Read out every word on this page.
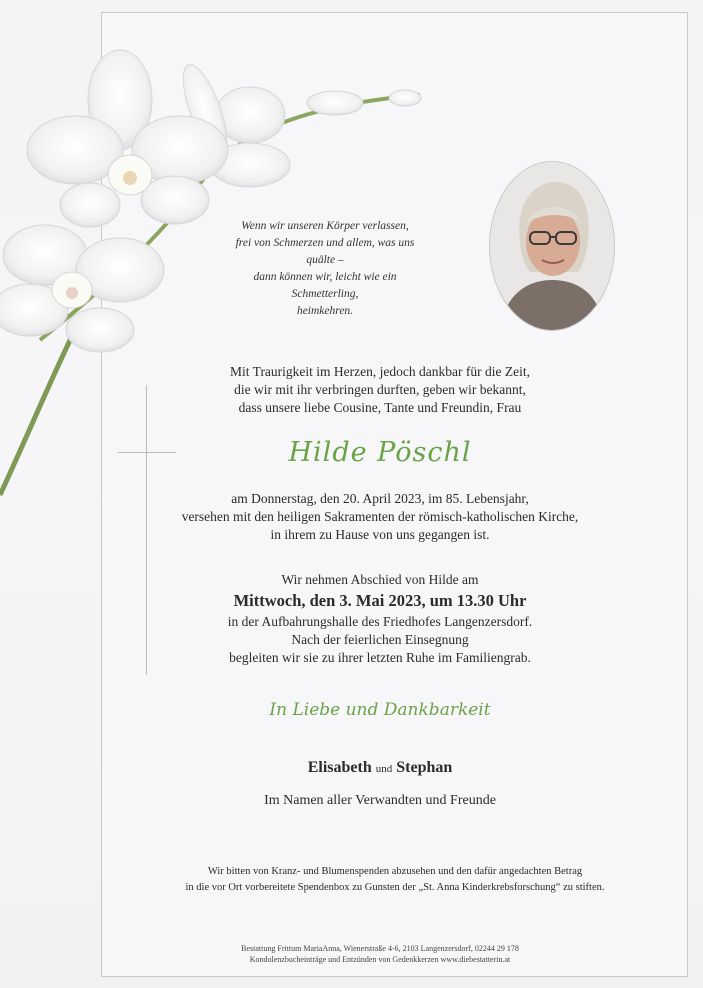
Wenn wir unseren Körper verlassen,
frei von Schmerzen und allem, was uns quälte –
dann können wir, leicht wie ein Schmetterling,
heimkehren.
Mit Traurigkeit im Herzen, jedoch dankbar für die Zeit,
die wir mit ihr verbringen durften, geben wir bekannt,
dass unsere liebe Cousine, Tante und Freundin, Frau
Hilde Pöschl
am Donnerstag, den 20. April 2023, im 85. Lebensjahr,
versehen mit den heiligen Sakramenten der römisch-katholischen Kirche,
in ihrem zu Hause von uns gegangen ist.
Wir nehmen Abschied von Hilde am
Mittwoch, den 3. Mai 2023, um 13.30 Uhr
in der Aufbahrungshalle des Friedhofes Langenzersdorf.
Nach der feierlichen Einsegnung
begleiten wir sie zu ihrer letzten Ruhe im Familiengrab.
In Liebe und Dankbarkeit
Elisabeth und Stephan
Im Namen aller Verwandten und Freunde
Wir bitten von Kranz- und Blumenspenden abzusehen und den dafür angedachten Betrag
in die vor Ort vorbereitete Spendenbox zu Gunsten der „St. Anna Kinderkrebsforschung“ zu stiften.
Bestattung Frittum MariaAnna, Wienerstraße 4-6, 2103 Langenzersdorf, 02244 29 178
Kondolenzbucheinträge und Entzünden von Gedenkkerzen www.diebestatterin.at
